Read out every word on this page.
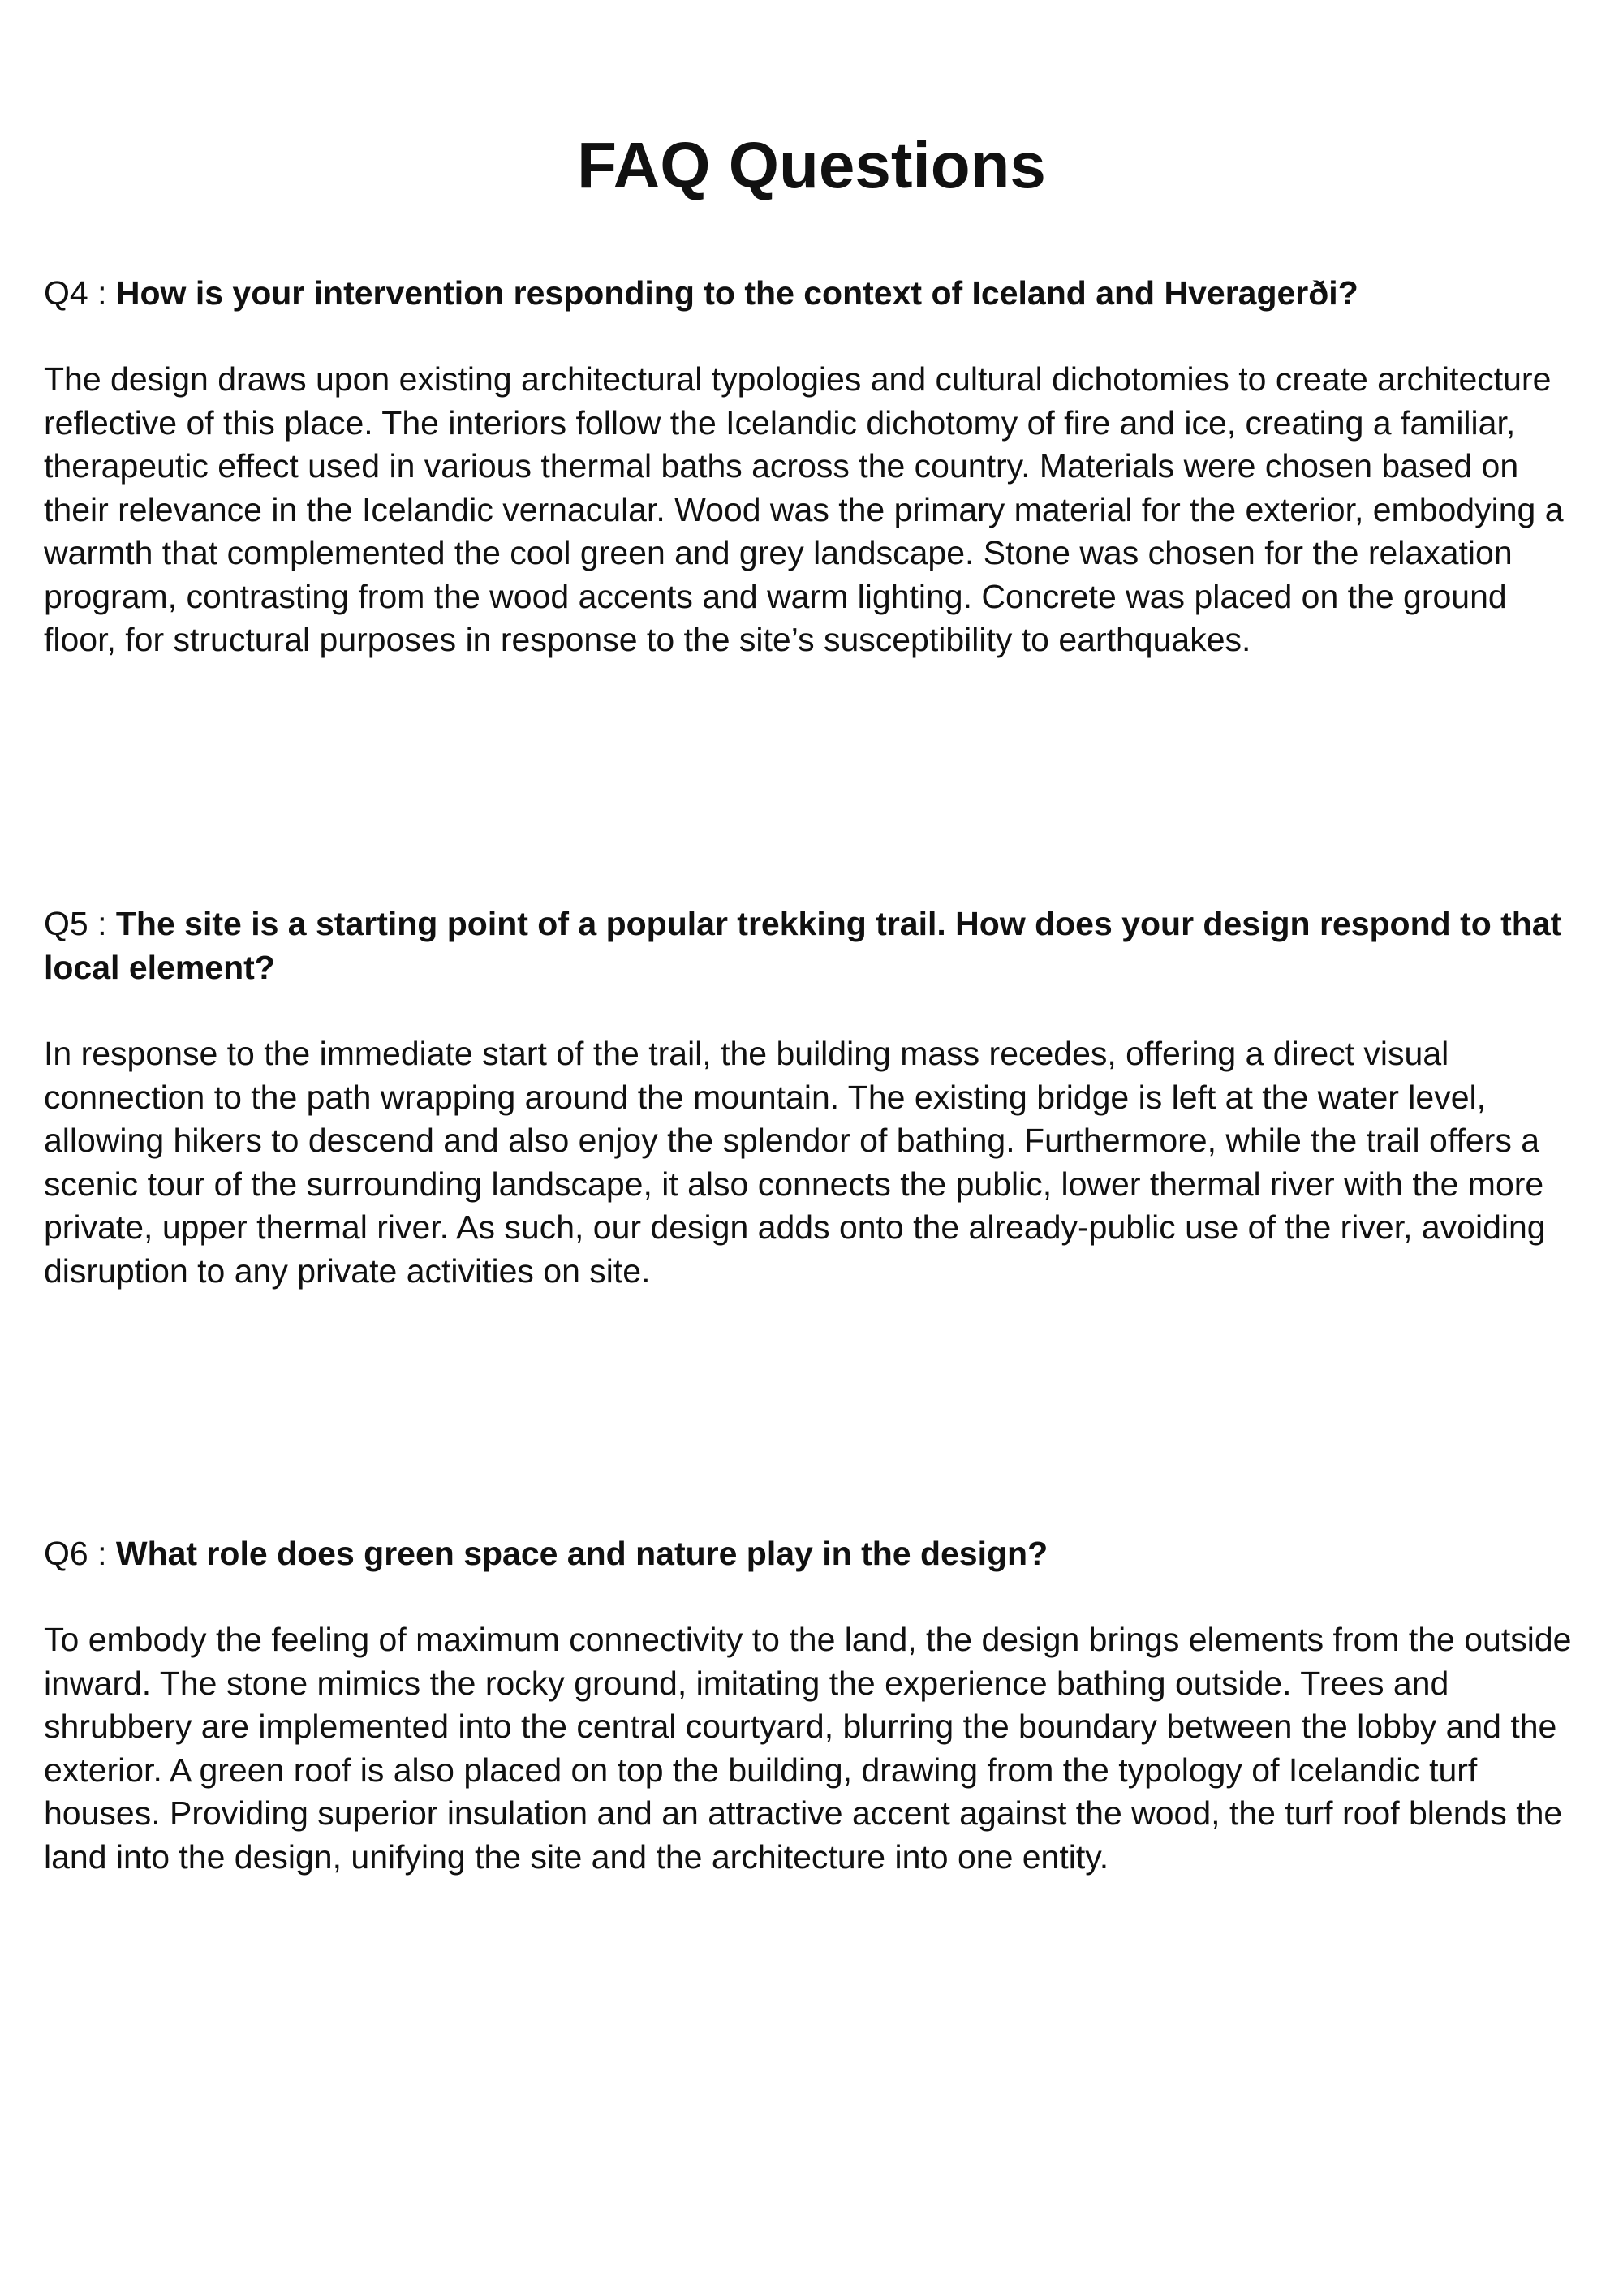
FAQ Questions

Q4 : How is your intervention responding to the context of Iceland and Hveragerði?

The design draws upon existing architectural typologies and cultural dichotomies to create architecture reflective of this place. The interiors follow the Icelandic dichotomy of fire and ice, creating a familiar, therapeutic effect used in various thermal baths across the country. Materials were chosen based on their relevance in the Icelandic vernacular. Wood was the primary material for the exterior, embodying a warmth that complemented the cool green and grey landscape. Stone was chosen for the relaxation program, contrasting from the wood accents and warm lighting. Concrete was placed on the ground floor, for structural purposes in response to the site’s susceptibility to earthquakes.

Q5 : The site is a starting point of a popular trekking trail. How does your design respond to that local element?

In response to the immediate start of the trail, the building mass recedes, offering a direct visual connection to the path wrapping around the mountain. The existing bridge is left at the water level, allowing hikers to descend and also enjoy the splendor of bathing. Furthermore, while the trail offers a scenic tour of the surrounding landscape, it also connects the public, lower thermal river with the more private, upper thermal river. As such, our design adds onto the already-public use of the river, avoiding disruption to any private activities on site.

Q6 : What role does green space and nature play in the design?

To embody the feeling of maximum connectivity to the land, the design brings elements from the outside inward. The stone mimics the rocky ground, imitating the experience bathing outside. Trees and shrubbery are implemented into the central courtyard, blurring the boundary between the lobby and the exterior. A green roof is also placed on top the building, drawing from the typology of Icelandic turf houses. Providing superior insulation and an attractive accent against the wood, the turf roof blends the land into the design, unifying the site and the architecture into one entity.
